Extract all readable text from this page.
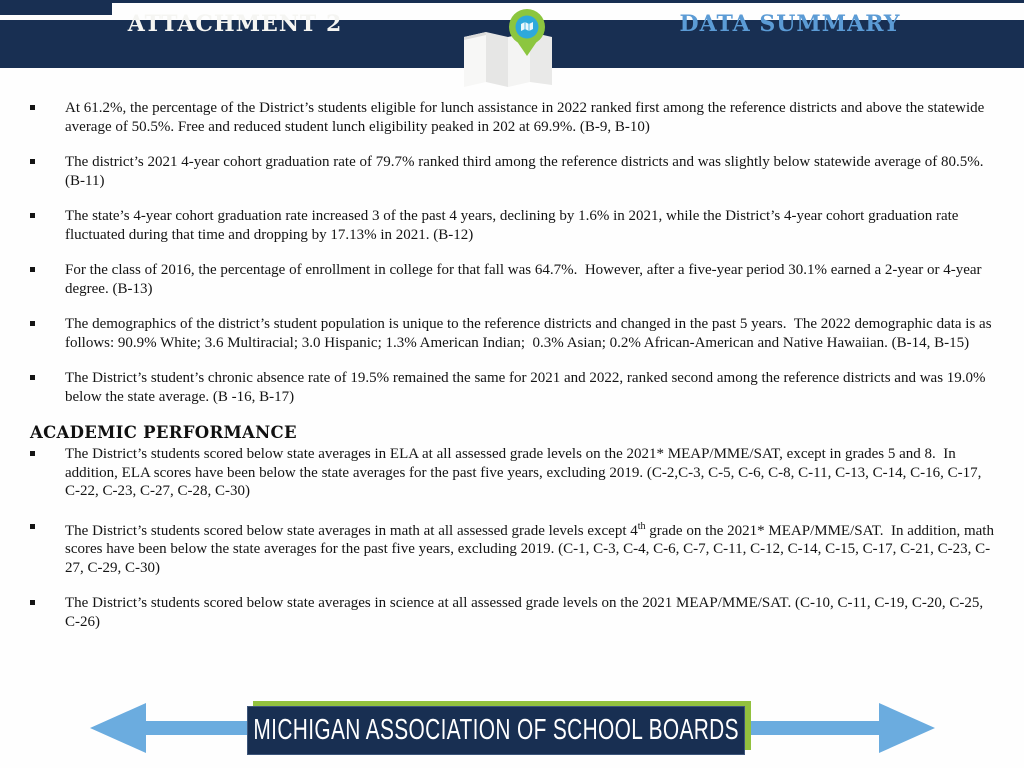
ATTACHMENT 2	DATA SUMMARY
At 61.2%, the percentage of the District’s students eligible for lunch assistance in 2022 ranked first among the reference districts and above the statewide average of 50.5%. Free and reduced student lunch eligibility peaked in 202 at 69.9%. (B-9, B-10)
The district’s 2021 4-year cohort graduation rate of 79.7% ranked third among the reference districts and was slightly below statewide average of 80.5%. (B-11)
The state’s 4-year cohort graduation rate increased 3 of the past 4 years, declining by 1.6% in 2021, while the District’s 4-year cohort graduation rate fluctuated during that time and dropping by 17.13% in 2021. (B-12)
For the class of 2016, the percentage of enrollment in college for that fall was 64.7%.  However, after a five-year period 30.1% earned a 2-year or 4-year degree. (B-13)
The demographics of the district’s student population is unique to the reference districts and changed in the past 5 years.  The 2022 demographic data is as follows: 90.9% White; 3.6 Multiracial; 3.0 Hispanic; 1.3% American Indian;  0.3% Asian; 0.2% African-American and Native Hawaiian. (B-14, B-15)
The District’s student’s chronic absence rate of 19.5% remained the same for 2021 and 2022, ranked second among the reference districts and was 19.0% below the state average. (B -16, B-17)
ACADEMIC PERFORMANCE
The District’s students scored below state averages in ELA at all assessed grade levels on the 2021* MEAP/MME/SAT, except in grades 5 and 8.  In addition, ELA scores have been below the state averages for the past five years, excluding 2019. (C-2,C-3, C-5, C-6, C-8, C-11, C-13, C-14, C-16, C-17, C-22, C-23, C-27, C-28, C-30)
The District’s students scored below state averages in math at all assessed grade levels except 4th grade on the 2021* MEAP/MME/SAT.  In addition, math scores have been below the state averages for the past five years, excluding 2019. (C-1, C-3, C-4, C-6, C-7, C-11, C-12, C-14, C-15, C-17, C-21, C-23, C-27, C-29, C-30)
The District’s students scored below state averages in science at all assessed grade levels on the 2021 MEAP/MME/SAT. (C-10, C-11, C-19, C-20, C-25, C-26)
MICHIGAN ASSOCIATION OF SCHOOL BOARDS
